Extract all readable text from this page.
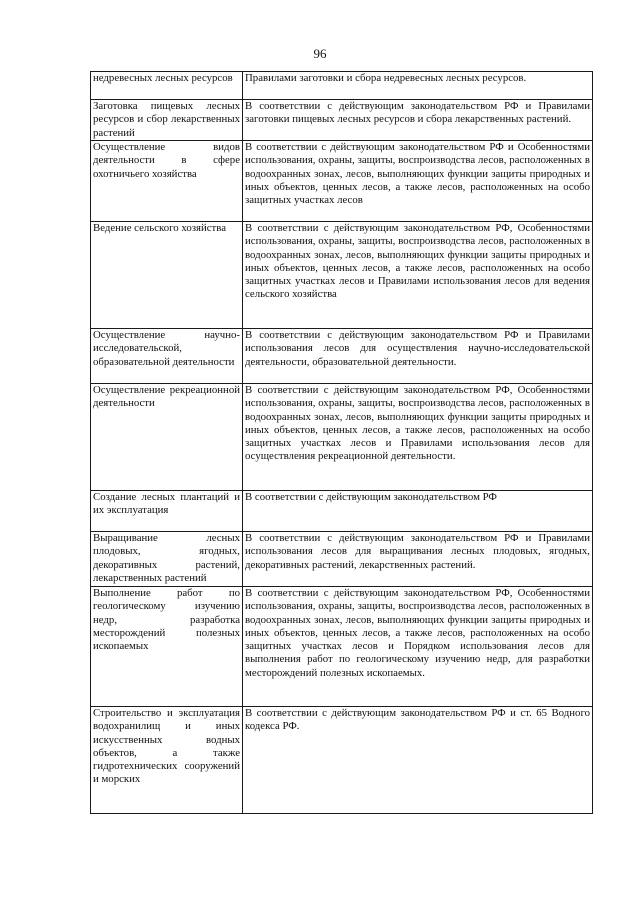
96
недревесных лесных ресурсов	Правилами заготовки и сбора недревесных лесных ресурсов.
Заготовка пищевых лесных ресурсов и сбор лекарственных растений	В соответствии с действующим законодательством РФ и Правилами заготовки пищевых лесных ресурсов и сбора лекарственных растений.
Осуществление видов деятельности в сфере охотничьего хозяйства	В соответствии с действующим законодательством РФ и Особенностями использования, охраны, защиты, воспроизводства лесов, расположенных в водоохранных зонах, лесов, выполняющих функции защиты природных и иных объектов, ценных лесов, а также лесов, расположенных на особо защитных участках лесов
Ведение сельского хозяйства	В соответствии с действующим законодательством РФ, Особенностями использования, охраны, защиты, воспроизводства лесов, расположенных в водоохранных зонах, лесов, выполняющих функции защиты природных и иных объектов, ценных лесов, а также лесов, расположенных на особо защитных участках лесов и Правилами использования лесов для ведения сельского хозяйства
Осуществление научно-исследовательской, образовательной деятельности	В соответствии с действующим законодательством РФ и Правилами использования лесов для осуществления научно-исследовательской деятельности, образовательной деятельности.
Осуществление рекреационной деятельности	В соответствии с действующим законодательством РФ, Особенностями использования, охраны, защиты, воспроизводства лесов, расположенных в водоохранных зонах, лесов, выполняющих функции защиты природных и иных объектов, ценных лесов, а также лесов, расположенных на особо защитных участках лесов и Правилами использования лесов для осуществления рекреационной деятельности.
Создание лесных плантаций и их эксплуатация	В соответствии с действующим законодательством РФ
Выращивание лесных плодовых, ягодных, декоративных растений, лекарственных растений	В соответствии с действующим законодательством РФ и Правилами использования лесов для выращивания лесных плодовых, ягодных, декоративных растений, лекарственных растений.
Выполнение работ по геологическому изучению недр, разработка месторождений полезных ископаемых	В соответствии с действующим законодательством РФ, Особенностями использования, охраны, защиты, воспроизводства лесов, расположенных в водоохранных зонах, лесов, выполняющих функции защиты природных и иных объектов, ценных лесов, а также лесов, расположенных на особо защитных участках лесов и Порядком использования лесов для выполнения работ по геологическому изучению недр, для разработки месторождений полезных ископаемых.
Строительство и эксплуатация водохранилищ и иных искусственных водных объектов, а также гидротехнических сооружений и морских	В соответствии с действующим законодательством РФ и ст. 65 Водного кодекса РФ.
